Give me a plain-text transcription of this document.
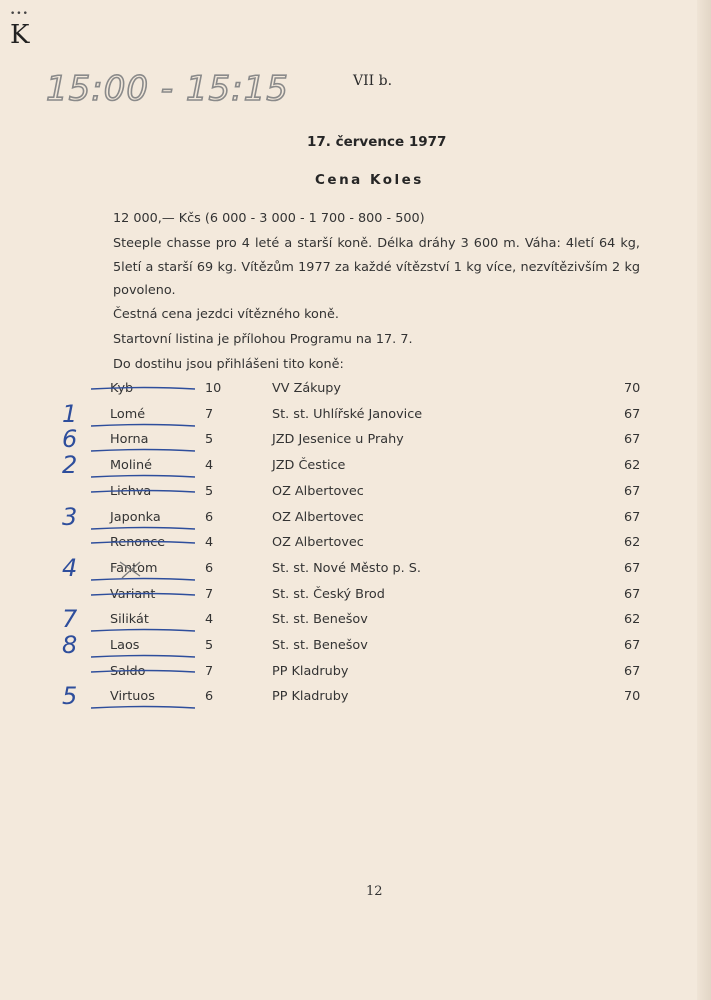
•••
K
15:00 - 15:15	VII b.
17. července 1977
Cena Koles
12 000,— Kčs (6 000 - 3 000 - 1 700 - 800 - 500)
Steeple chasse pro 4 leté a starší koně. Délka dráhy 3 600 m. Váha: 4letí 64 kg, 5letí a starší 69 kg. Vítězům 1977 za každé vítězství 1 kg více, nezvítězivším 2 kg povoleno.
Čestná cena jezdci vítězného koně.
Startovní listina je přílohou Programu na 17. 7.
Do dostihu jsou přihlášeni tito koně:
Kyb	10	VV Zákupy	70
1	Lomé	7	St. st. Uhlířské Janovice	67
6	Horna	5	JZD Jesenice u Prahy	67
2	Moliné	4	JZD Čestice	62
Lichva	5	OZ Albertovec	67
3	Japonka	6	OZ Albertovec	67
Renonce	4	OZ Albertovec	62
4	Fantom	6	St. st. Nové Město p. S.	67
Variant	7	St. st. Český Brod	67
7	Silikát	4	St. st. Benešov	62
8	Laos	5	St. st. Benešov	67
Saldo	7	PP Kladruby	67
5	Virtuos	6	PP Kladruby	70
12
